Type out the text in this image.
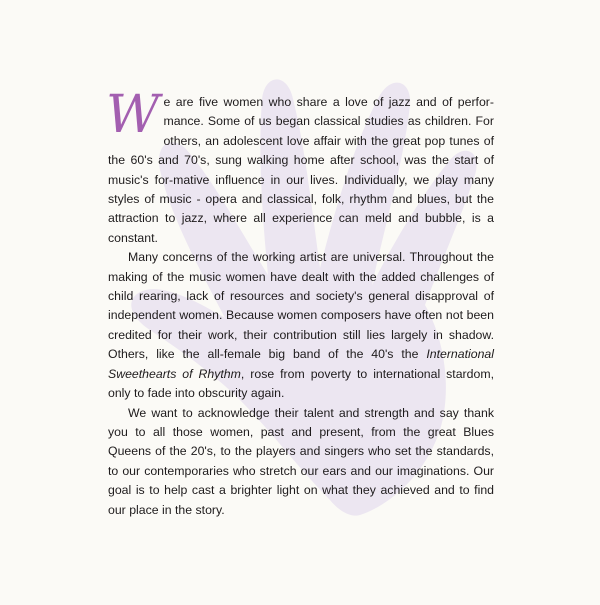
We are five women who share a love of jazz and of perfor-mance. Some of us began classical studies as children. For others, an adolescent love affair with the great pop tunes of the 60's and 70's, sung walking home after school, was the start of music's for-mative influence in our lives. Individually, we play many styles of music - opera and classical, folk, rhythm and blues, but the attraction to jazz, where all experience can meld and bubble, is a constant.

Many concerns of the working artist are universal. Throughout the making of the music women have dealt with the added challenges of child rearing, lack of resources and society's general disapproval of independent women. Because women composers have often not been credited for their work, their contribution still lies largely in shadow. Others, like the all-female big band of the 40's the International Sweethearts of Rhythm, rose from poverty to international stardom, only to fade into obscurity again.

We want to acknowledge their talent and strength and say thank you to all those women, past and present, from the great Blues Queens of the 20's, to the players and singers who set the standards, to our contemporaries who stretch our ears and our imaginations. Our goal is to help cast a brighter light on what they achieved and to find our place in the story.
